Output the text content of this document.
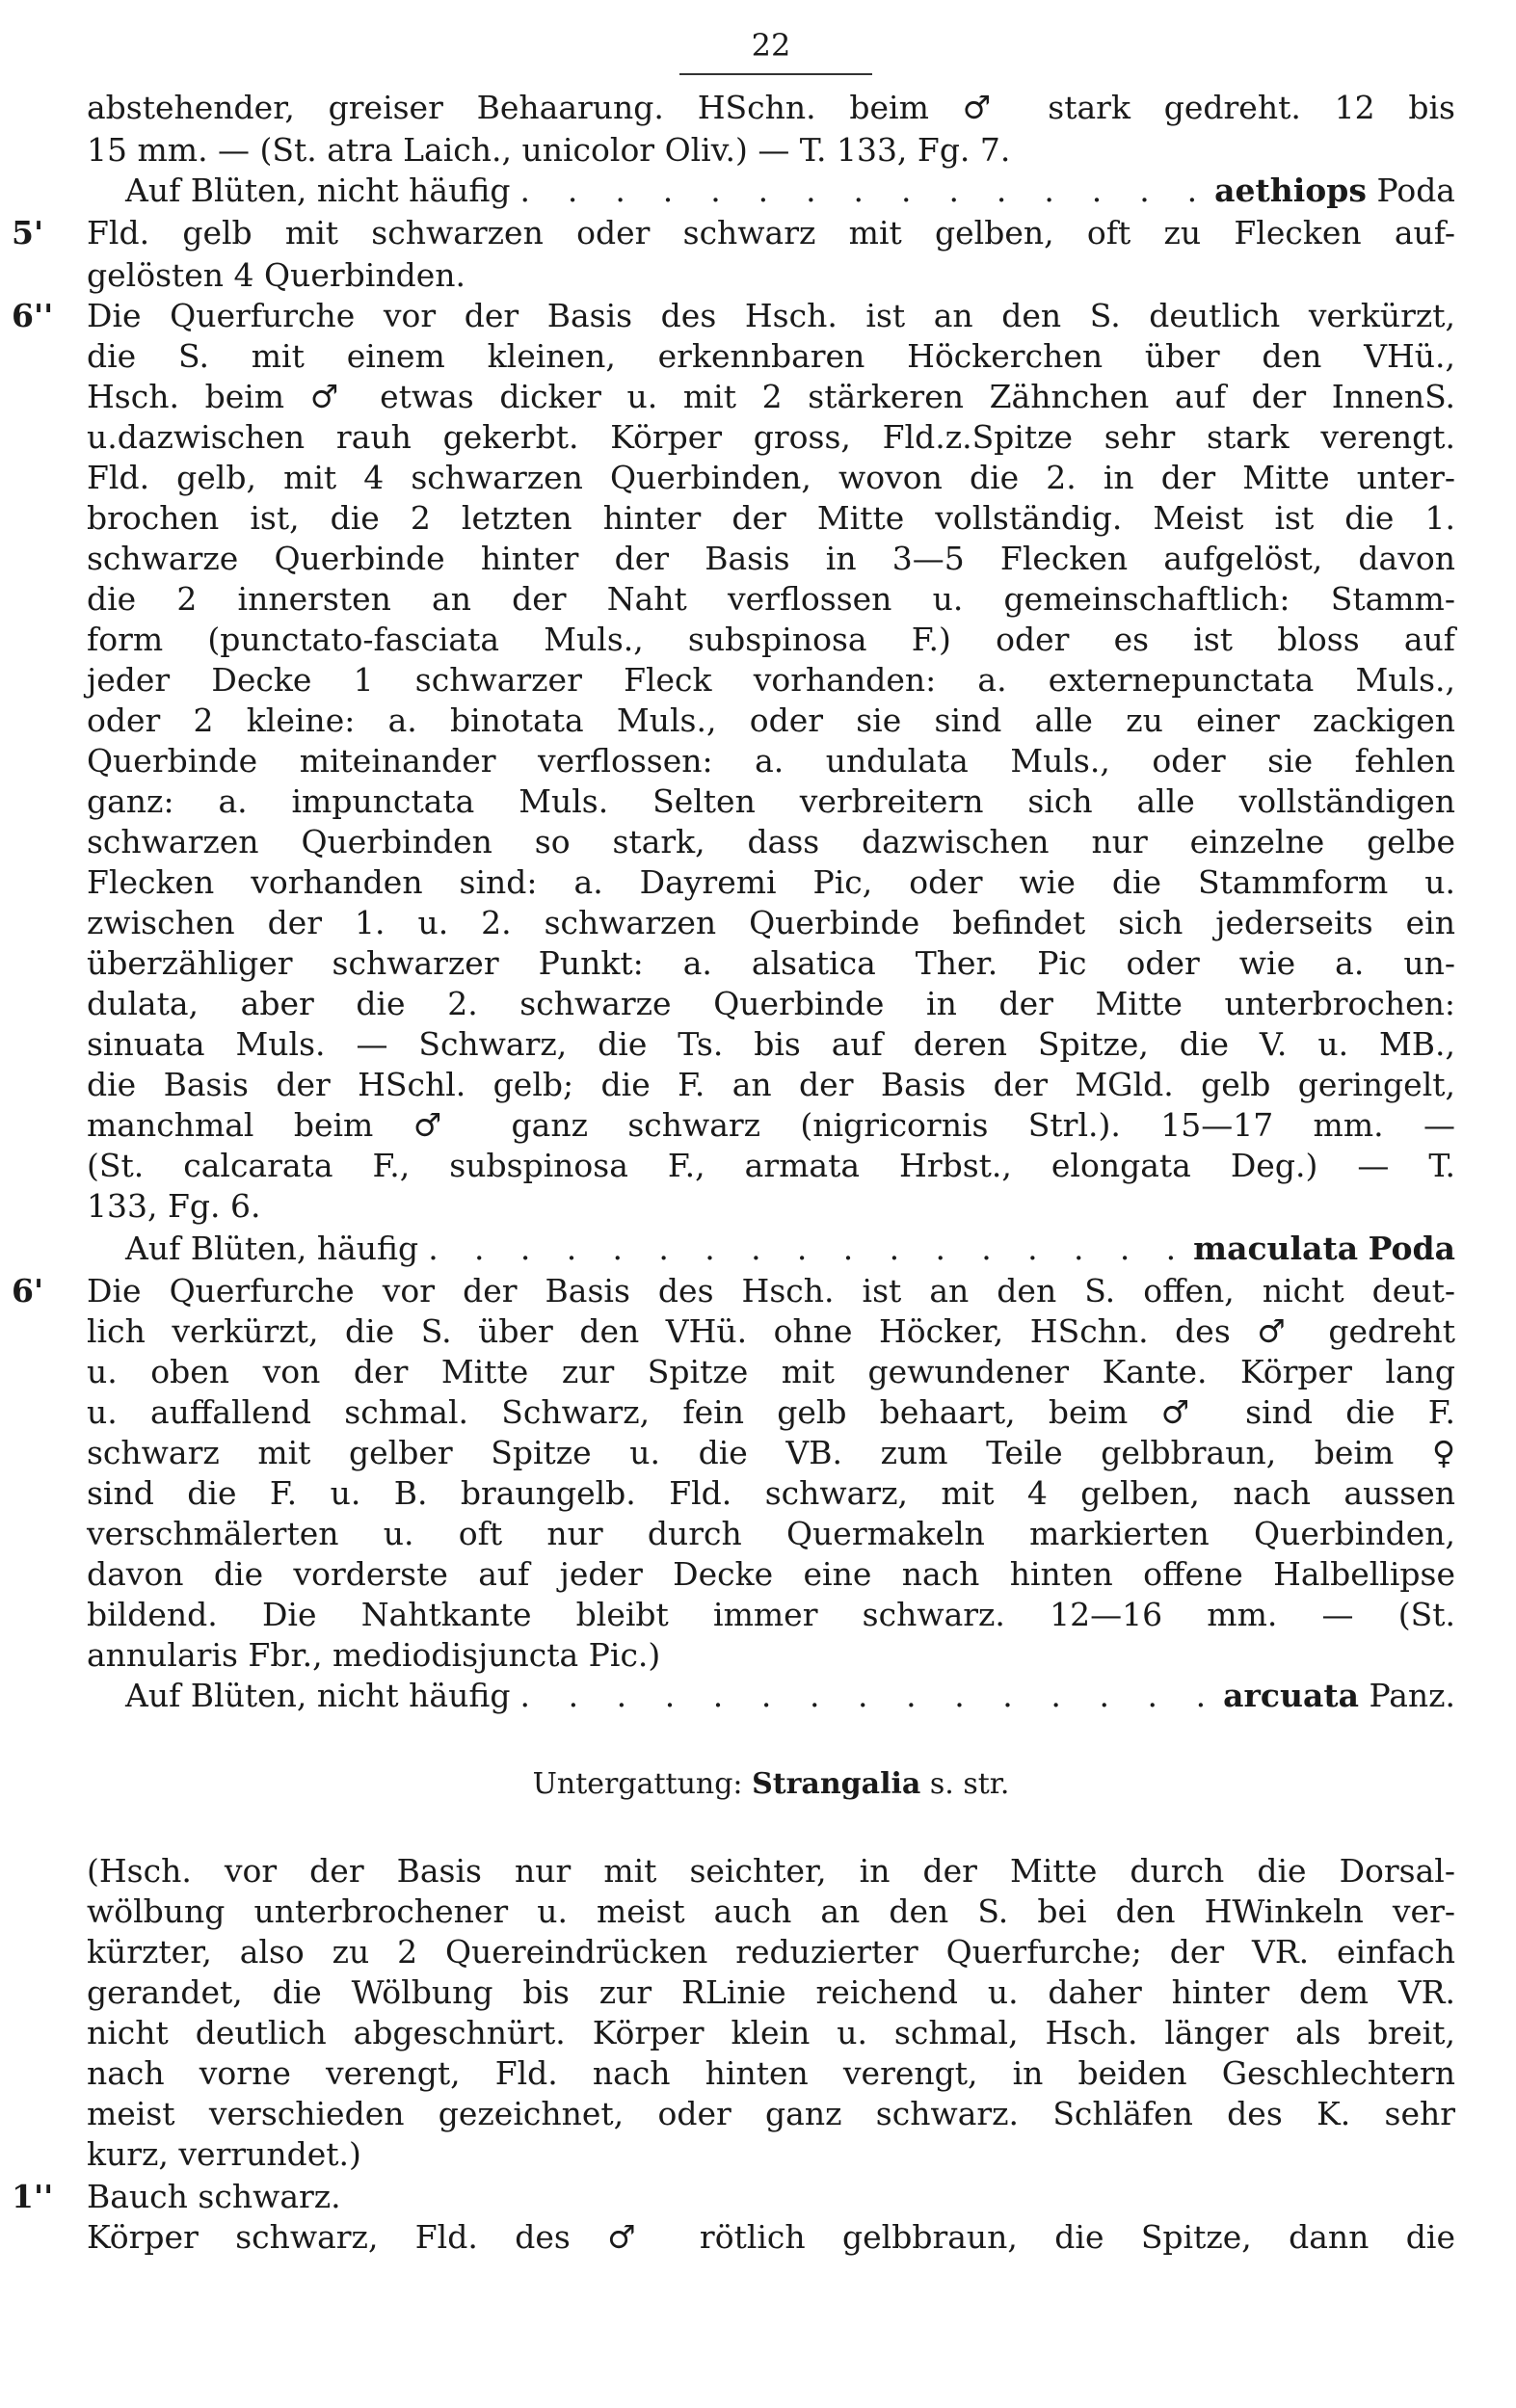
22
abstehender, greiser Behaarung. HSchn. beim ♂ stark gedreht. 12 bis
15 mm. — (St. atra Laich., unicolor Oliv.) — T. 133, Fg. 7.
Auf Blüten, nicht häufig . . . . . . . . . . . . . . . aethiops Poda
5'	Fld. gelb mit schwarzen oder schwarz mit gelben, oft zu Flecken auf-
gelösten 4 Querbinden.
6''	Die Querfurche vor der Basis des Hsch. ist an den S. deutlich verkürzt,
die S. mit einem kleinen, erkennbaren Höckerchen über den VHü.,
Hsch. beim ♂ etwas dicker u. mit 2 stärkeren Zähnchen auf der InnenS.
u.dazwischen rauh gekerbt. Körper gross, Fld.z.Spitze sehr stark verengt.
Fld. gelb, mit 4 schwarzen Querbinden, wovon die 2. in der Mitte unter-
brochen ist, die 2 letzten hinter der Mitte vollständig. Meist ist die 1.
schwarze Querbinde hinter der Basis in 3—5 Flecken aufgelöst, davon
die 2 innersten an der Naht verflossen u. gemeinschaftlich: Stamm-
form (punctato-fasciata Muls., subspinosa F.) oder es ist bloss auf
jeder Decke 1 schwarzer Fleck vorhanden: a. externepunctata Muls.,
oder 2 kleine: a. binotata Muls., oder sie sind alle zu einer zackigen
Querbinde miteinander verflossen: a. undulata Muls., oder sie fehlen
ganz: a. impunctata Muls. Selten verbreitern sich alle vollständigen
schwarzen Querbinden so stark, dass dazwischen nur einzelne gelbe
Flecken vorhanden sind: a. Dayremi Pic, oder wie die Stammform u.
zwischen der 1. u. 2. schwarzen Querbinde befindet sich jederseits ein
überzähliger schwarzer Punkt: a. alsatica Ther. Pic oder wie a. un-
dulata, aber die 2. schwarze Querbinde in der Mitte unterbrochen:
sinuata Muls. — Schwarz, die Ts. bis auf deren Spitze, die V. u. MB.,
die Basis der HSchl. gelb; die F. an der Basis der MGld. gelb geringelt,
manchmal beim ♂ ganz schwarz (nigricornis Strl.). 15—17 mm. —
(St. calcarata F., subspinosa F., armata Hrbst., elongata Deg.) — T.
133, Fg. 6.
Auf Blüten, häufig . . . . . . . . . . . . . . . . . maculata Poda
6'	Die Querfurche vor der Basis des Hsch. ist an den S. offen, nicht deut-
lich verkürzt, die S. über den VHü. ohne Höcker, HSchn. des ♂ gedreht
u. oben von der Mitte zur Spitze mit gewundener Kante. Körper lang
u. auffallend schmal. Schwarz, fein gelb behaart, beim ♂ sind die F.
schwarz mit gelber Spitze u. die VB. zum Teile gelbbraun, beim ♀
sind die F. u. B. braungelb. Fld. schwarz, mit 4 gelben, nach aussen
verschmälerten u. oft nur durch Quermakeln markierten Querbinden,
davon die vorderste auf jeder Decke eine nach hinten offene Halbellipse
bildend. Die Nahtkante bleibt immer schwarz. 12—16 mm. — (St.
annularis Fbr., mediodisjuncta Pic.)
Auf Blüten, nicht häufig . . . . . . . . . . . . . . . arcuata Panz.
Untergattung: Strangalia s. str.
(Hsch. vor der Basis nur mit seichter, in der Mitte durch die Dorsal-
wölbung unterbrochener u. meist auch an den S. bei den HWinkeln ver-
kürzter, also zu 2 Quereindrücken reduzierter Querfurche; der VR. einfach
gerandet, die Wölbung bis zur RLinie reichend u. daher hinter dem VR.
nicht deutlich abgeschnürt. Körper klein u. schmal, Hsch. länger als breit,
nach vorne verengt, Fld. nach hinten verengt, in beiden Geschlechtern
meist verschieden gezeichnet, oder ganz schwarz. Schläfen des K. sehr
kurz, verrundet.)
1''	Bauch schwarz.
Körper schwarz, Fld. des ♂ rötlich gelbbraun, die Spitze, dann die
